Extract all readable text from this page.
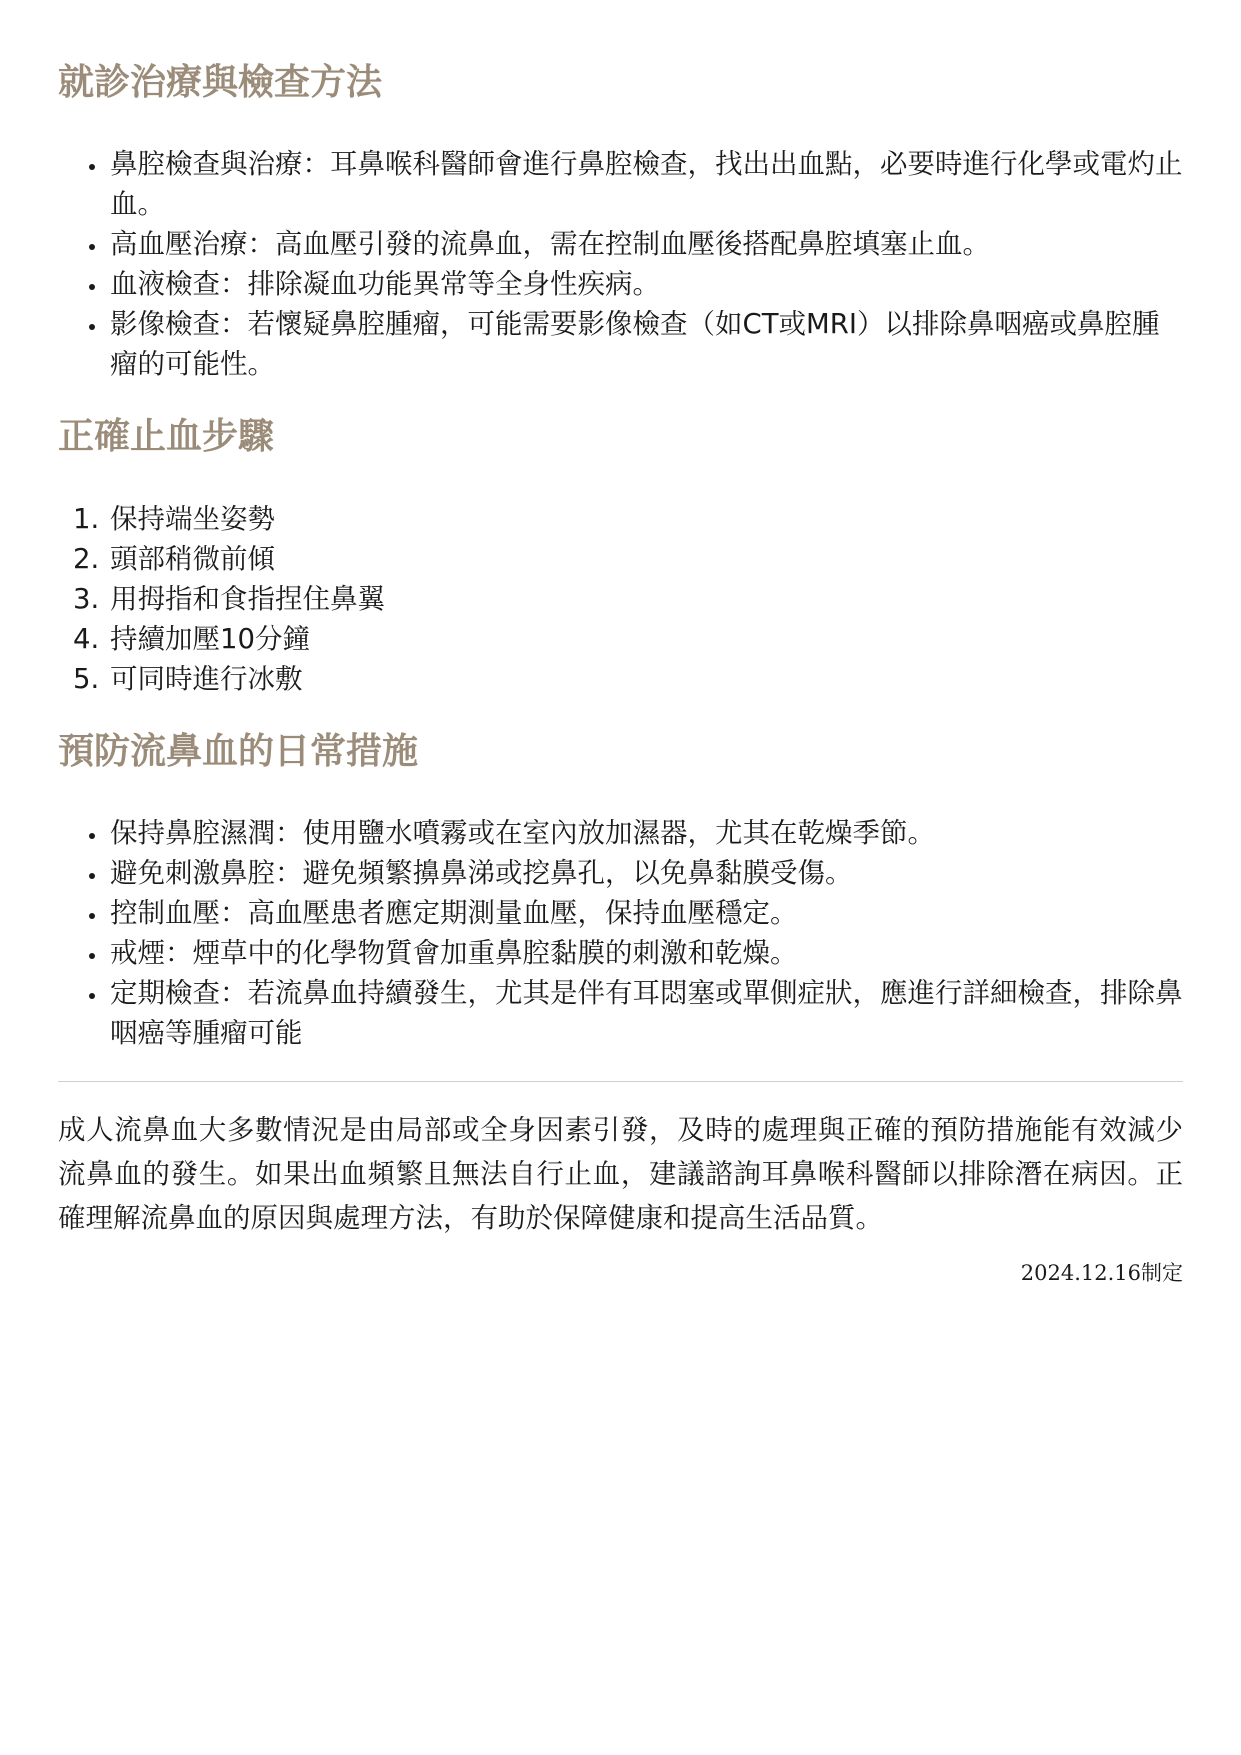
就診治療與檢查方法
• 鼻腔檢查與治療：耳鼻喉科醫師會進行鼻腔檢查，找出出血點，必要時進行化學或電灼止血。
• 高血壓治療：高血壓引發的流鼻血，需在控制血壓後搭配鼻腔填塞止血。
• 血液檢查：排除凝血功能異常等全身性疾病。
• 影像檢查：若懷疑鼻腔腫瘤，可能需要影像檢查（如CT或MRI）以排除鼻咽癌或鼻腔腫瘤的可能性。
正確止血步驟
1. 保持端坐姿勢
2. 頭部稍微前傾
3. 用拇指和食指捏住鼻翼
4. 持續加壓10分鐘
5. 可同時進行冰敷
預防流鼻血的日常措施
• 保持鼻腔濕潤：使用鹽水噴霧或在室內放加濕器，尤其在乾燥季節。
• 避免刺激鼻腔：避免頻繁擤鼻涕或挖鼻孔，以免鼻黏膜受傷。
• 控制血壓：高血壓患者應定期測量血壓，保持血壓穩定。
• 戒煙：煙草中的化學物質會加重鼻腔黏膜的刺激和乾燥。
• 定期檢查：若流鼻血持續發生，尤其是伴有耳悶塞或單側症狀，應進行詳細檢查，排除鼻咽癌等腫瘤可能

成人流鼻血大多數情況是由局部或全身因素引發，及時的處理與正確的預防措施能有效減少流鼻血的發生。如果出血頻繁且無法自行止血，建議諮詢耳鼻喉科醫師以排除潛在病因。正確理解流鼻血的原因與處理方法，有助於保障健康和提高生活品質。

2024.12.16制定
